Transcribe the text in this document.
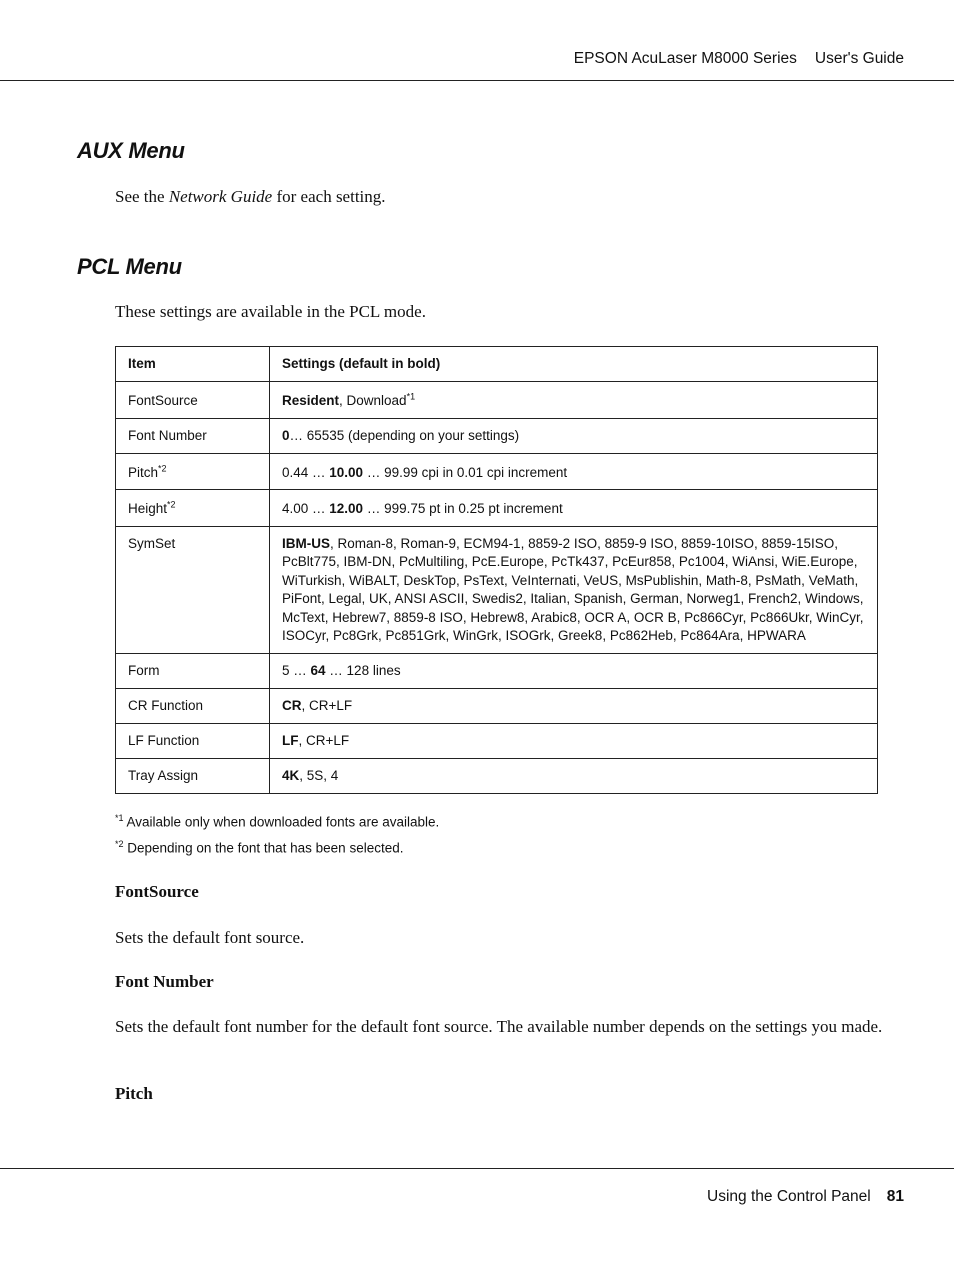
EPSON AcuLaser M8000 Series User's Guide
AUX Menu

See the Network Guide for each setting.

PCL Menu

These settings are available in the PCL mode.

Item	Settings (default in bold)
FontSource	Resident, Download$^{*1}$
Font Number	0… 65535 (depending on your settings)
Pitch$^{*2}$	0.44 … 10.00 … 99.99 cpi in 0.01 cpi increment
Height$^{*2}$	4.00 … 12.00 … 999.75 pt in 0.25 pt increment
SymSet	IBM-US, Roman-8, Roman-9, ECM94-1, 8859-2 ISO, 8859-9 ISO, 8859-10ISO, 8859-15ISO, PcBlt775, IBM-DN, PcMultiling, PcE.Europe, PcTk437, PcEur858, Pc1004, WiAnsi, WiE.Europe, WiTurkish, WiBALT, DeskTop, PsText, VeInternati, VeUS, MsPublishin, Math-8, PsMath, VeMath, PiFont, Legal, UK, ANSI ASCII, Swedis2, Italian, Spanish, German, Norweg1, French2, Windows, McText, Hebrew7, 8859-8 ISO, Hebrew8, Arabic8, OCR A, OCR B, Pc866Cyr, Pc866Ukr, WinCyr, ISOCyr, Pc8Grk, Pc851Grk, WinGrk, ISOGrk, Greek8, Pc862Heb, Pc864Ara, HPWARA
Form	5 … 64 … 128 lines
CR Function	CR, CR+LF
LF Function	LF, CR+LF
Tray Assign	4K, 5S, 4
$^{*1}$ Available only when downloaded fonts are available.
$^{*2}$ Depending on the font that has been selected.

FontSource

Sets the default font source.

Font Number

Sets the default font number for the default font source. The available number depends on the settings you made.

Pitch

Using the Control Panel 81
